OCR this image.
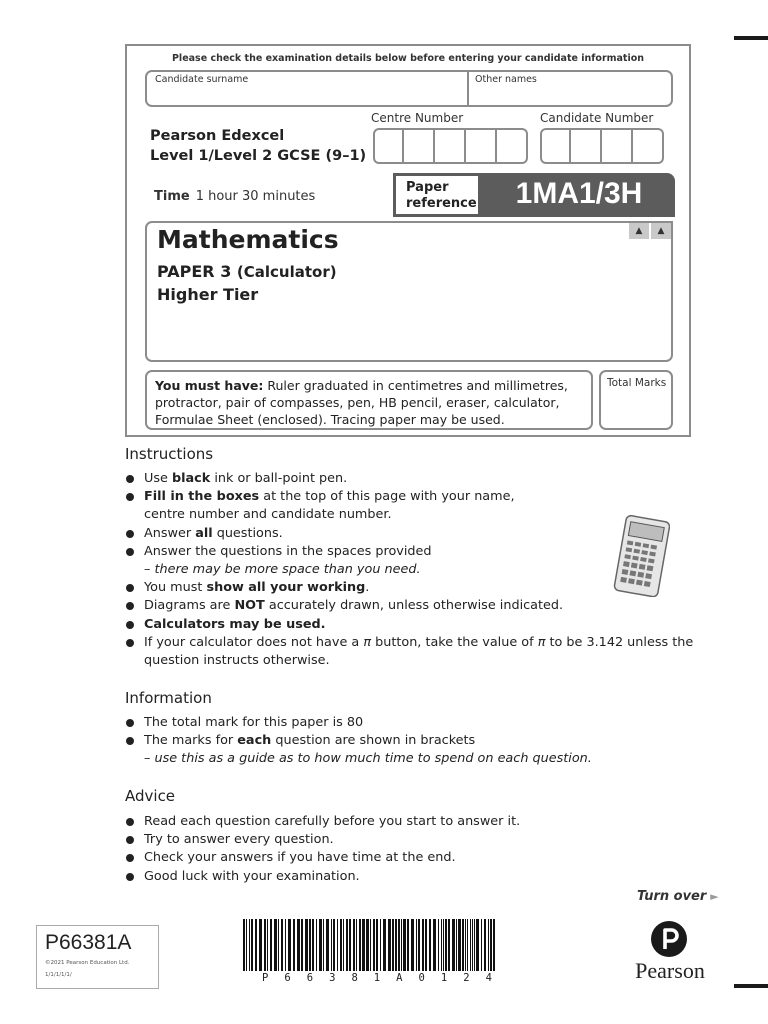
Please check the examination details below before entering your candidate information
Candidate surname	Other names
Centre Number	Candidate Number
Pearson Edexcel
Level 1/Level 2 GCSE (9–1)
Time 1 hour 30 minutes
Paper
reference	1MA1/3H
▲	▲
Mathematics
PAPER 3 (Calculator)
Higher Tier
You must have: Ruler graduated in centimetres and millimetres,
protractor, pair of compasses, pen, HB pencil, eraser, calculator,
Formulae Sheet (enclosed). Tracing paper may be used.
Total Marks
Instructions
Use black ink or ball-point pen.
Fill in the boxes at the top of this page with your name,
centre number and candidate number.
Answer all questions.
Answer the questions in the spaces provided
– there may be more space than you need.
You must show all your working.
Diagrams are NOT accurately drawn, unless otherwise indicated.
Calculators may be used.
If your calculator does not have a π button, take the value of π to be 3.142 unless the
question instructs otherwise.
Information
The total mark for this paper is 80
The marks for each question are shown in brackets
– use this as a guide as to how much time to spend on each question.
Advice
Read each question carefully before you start to answer it.
Try to answer every question.
Check your answers if you have time at the end.
Good luck with your examination.
Turn over ►
P66381A
©2021 Pearson Education Ltd.
1/1/1/1/1/	P 6 6 3 8 1 A 0 1 2 4	Pearson
